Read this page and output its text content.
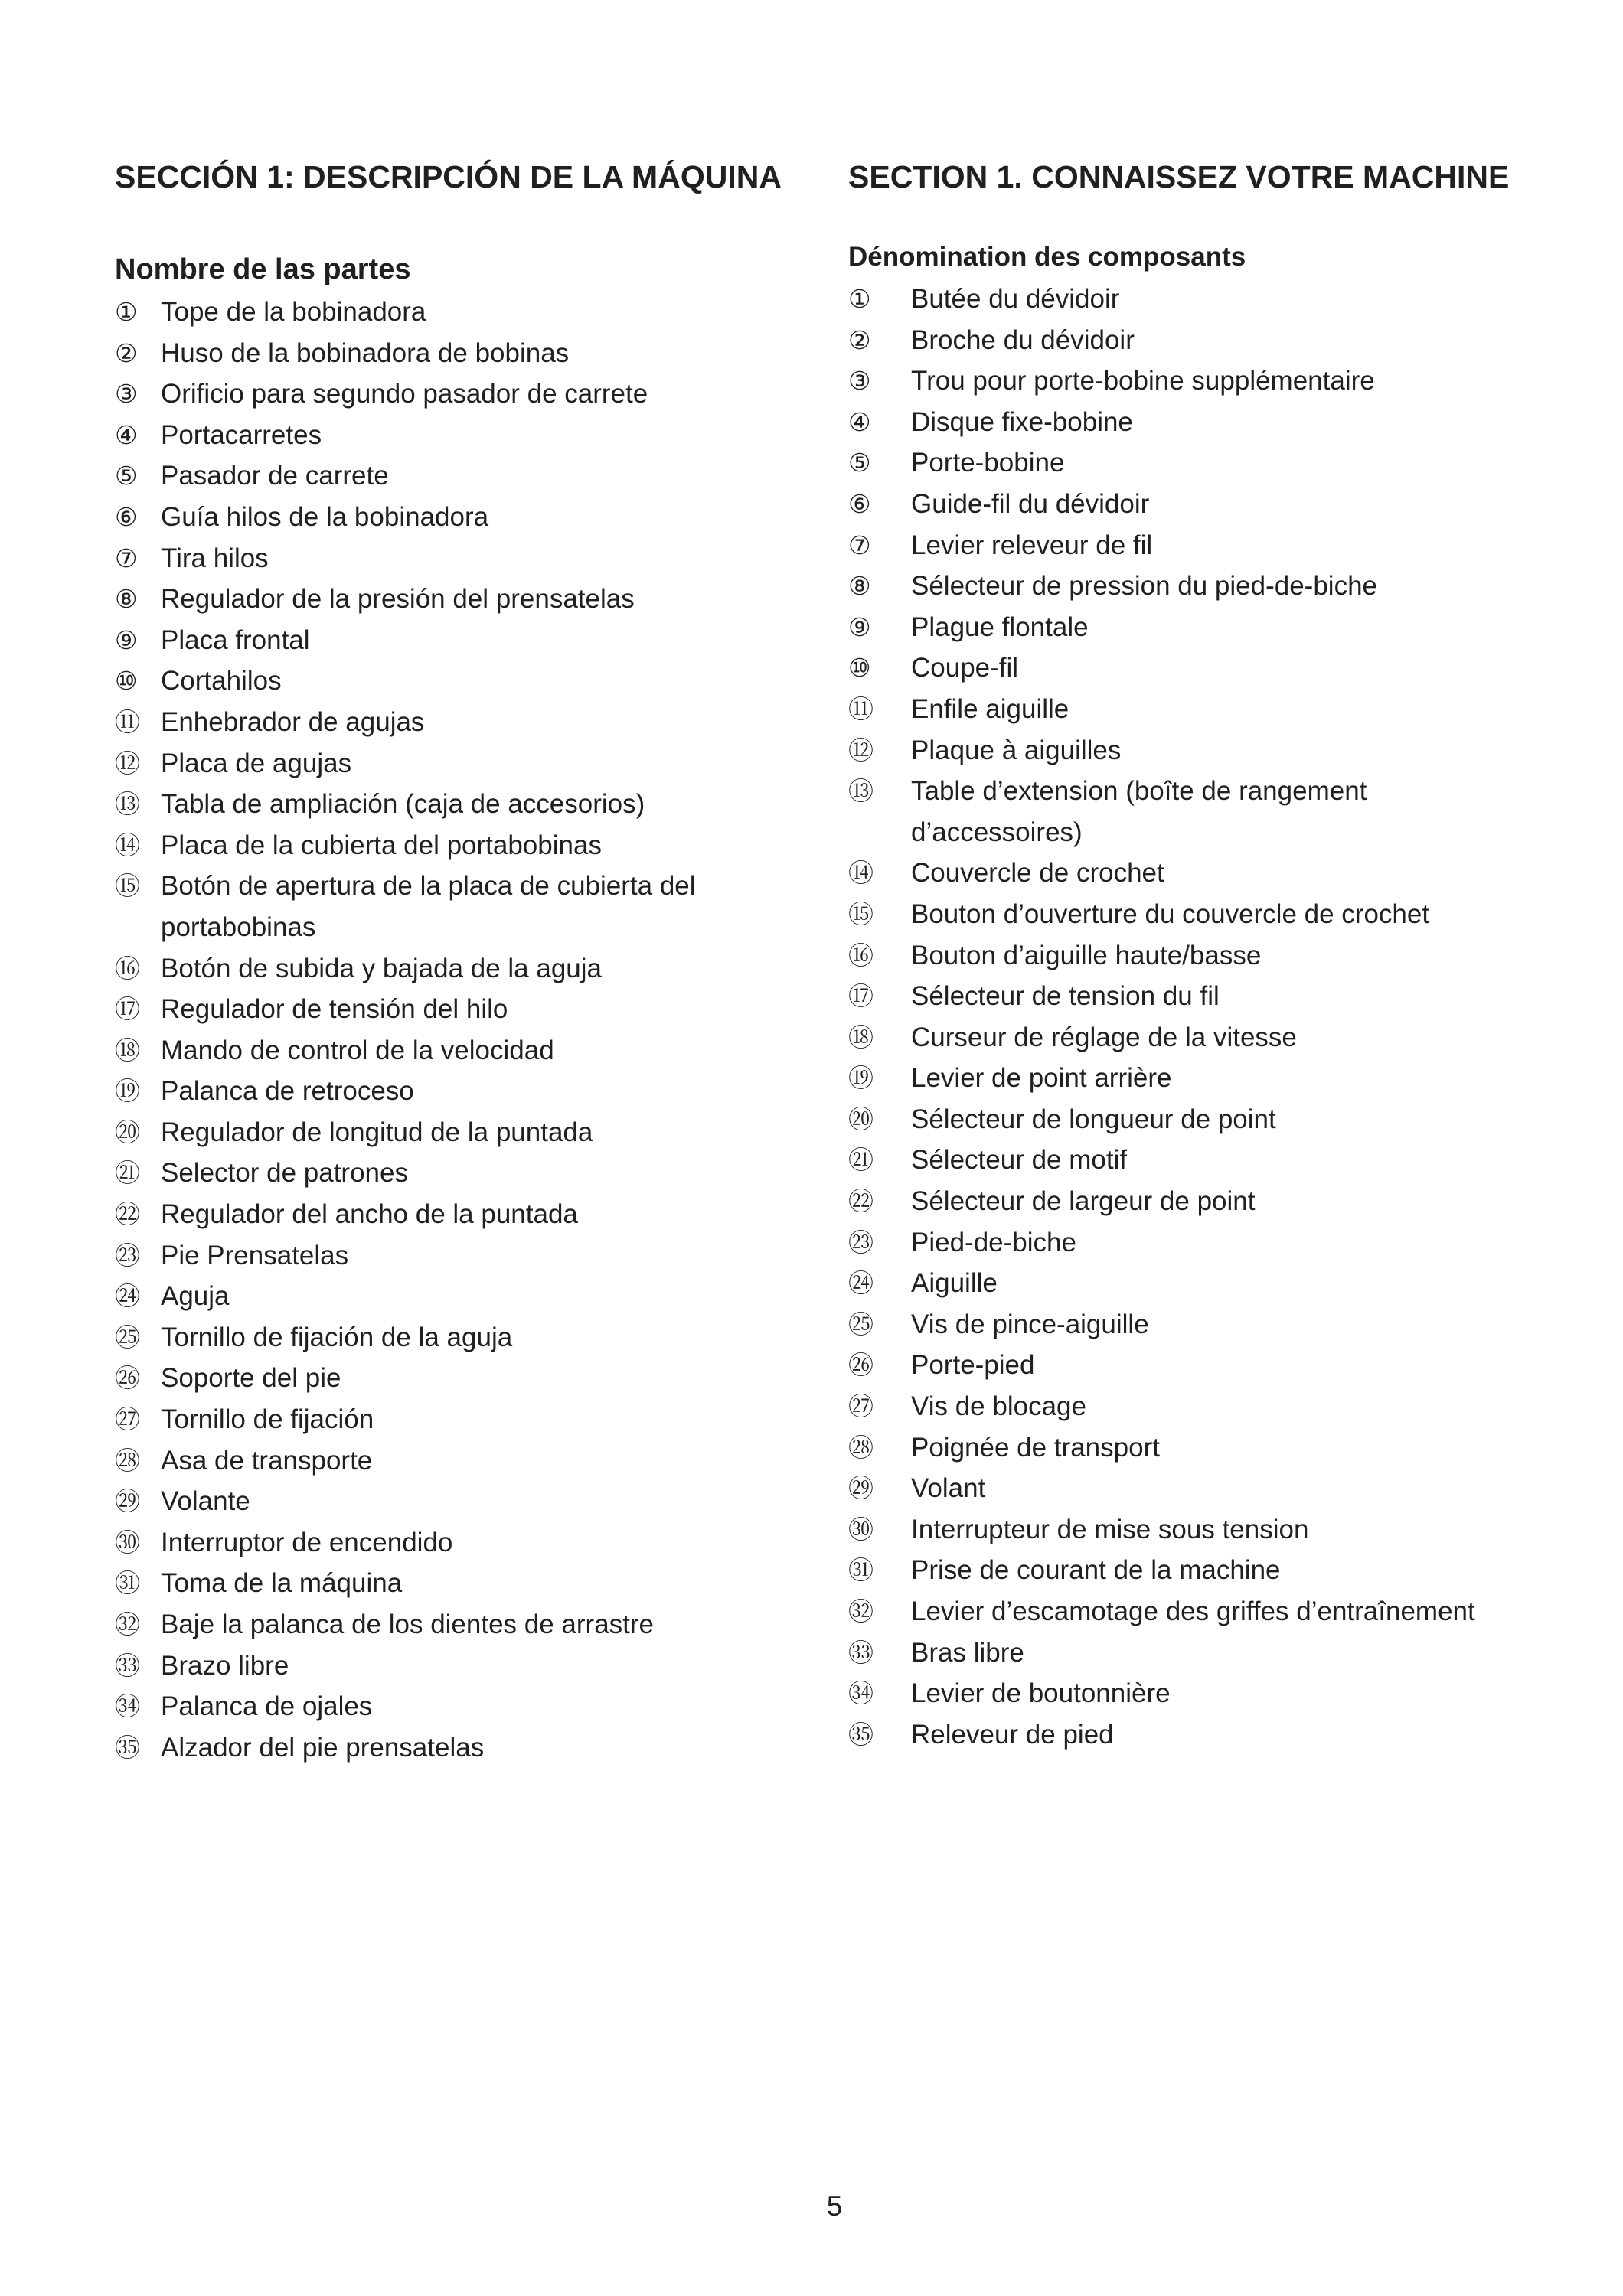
SECCIÓN 1: DESCRIPCIÓN DE LA MÁQUINA SECTION 1. CONNAISSEZ VOTRE MACHINE
Nombre de las partes
① Tope de la bobinadora
② Huso de la bobinadora de bobinas
③ Orificio para segundo pasador de carrete
④ Portacarretes
⑤ Pasador de carrete
⑥ Guía hilos de la bobinadora
⑦ Tira hilos
⑧ Regulador de la presión del prensatelas
⑨ Placa frontal
⑩ Cortahilos
⑪ Enhebrador de agujas
⑫ Placa de agujas
⑬ Tabla de ampliación (caja de accesorios)
⑭ Placa de la cubierta del portabobinas
⑮ Botón de apertura de la placa de cubierta del portabobinas
⑯ Botón de subida y bajada de la aguja
⑰ Regulador de tensión del hilo
⑱ Mando de control de la velocidad
⑲ Palanca de retroceso
⑳ Regulador de longitud de la puntada
㉑ Selector de patrones
㉒ Regulador del ancho de la puntada
㉓ Pie Prensatelas
㉔ Aguja
㉕ Tornillo de fijación de la aguja
㉖ Soporte del pie
㉗ Tornillo de fijación
㉘ Asa de transporte
㉙ Volante
㉚ Interruptor de encendido
㉛ Toma de la máquina
㉜ Baje la palanca de los dientes de arrastre
㉝ Brazo libre
㉞ Palanca de ojales
㉟ Alzador del pie prensatelas
Dénomination des composants
① Butée du dévidoir
② Broche du dévidoir
③ Trou pour porte-bobine supplémentaire
④ Disque fixe-bobine
⑤ Porte-bobine
⑥ Guide-fil du dévidoir
⑦ Levier releveur de fil
⑧ Sélecteur de pression du pied-de-biche
⑨ Plague flontale
⑩ Coupe-fil
⑪ Enfile aiguille
⑫ Plaque à aiguilles
⑬ Table d’extension (boîte de rangement d’accessoires)
⑭ Couvercle de crochet
⑮ Bouton d’ouverture du couvercle de crochet
⑯ Bouton d’aiguille haute/basse
⑰ Sélecteur de tension du fil
⑱ Curseur de réglage de la vitesse
⑲ Levier de point arrière
⑳ Sélecteur de longueur de point
㉑ Sélecteur de motif
㉒ Sélecteur de largeur de point
㉓ Pied-de-biche
㉔ Aiguille
㉕ Vis de pince-aiguille
㉖ Porte-pied
㉗ Vis de blocage
㉘ Poignée de transport
㉙ Volant
㉚ Interrupteur de mise sous tension
㉛ Prise de courant de la machine
㉜ Levier d’escamotage des griffes d’entraînement
㉝ Bras libre
㉞ Levier de boutonnière
㉟ Releveur de pied
5
